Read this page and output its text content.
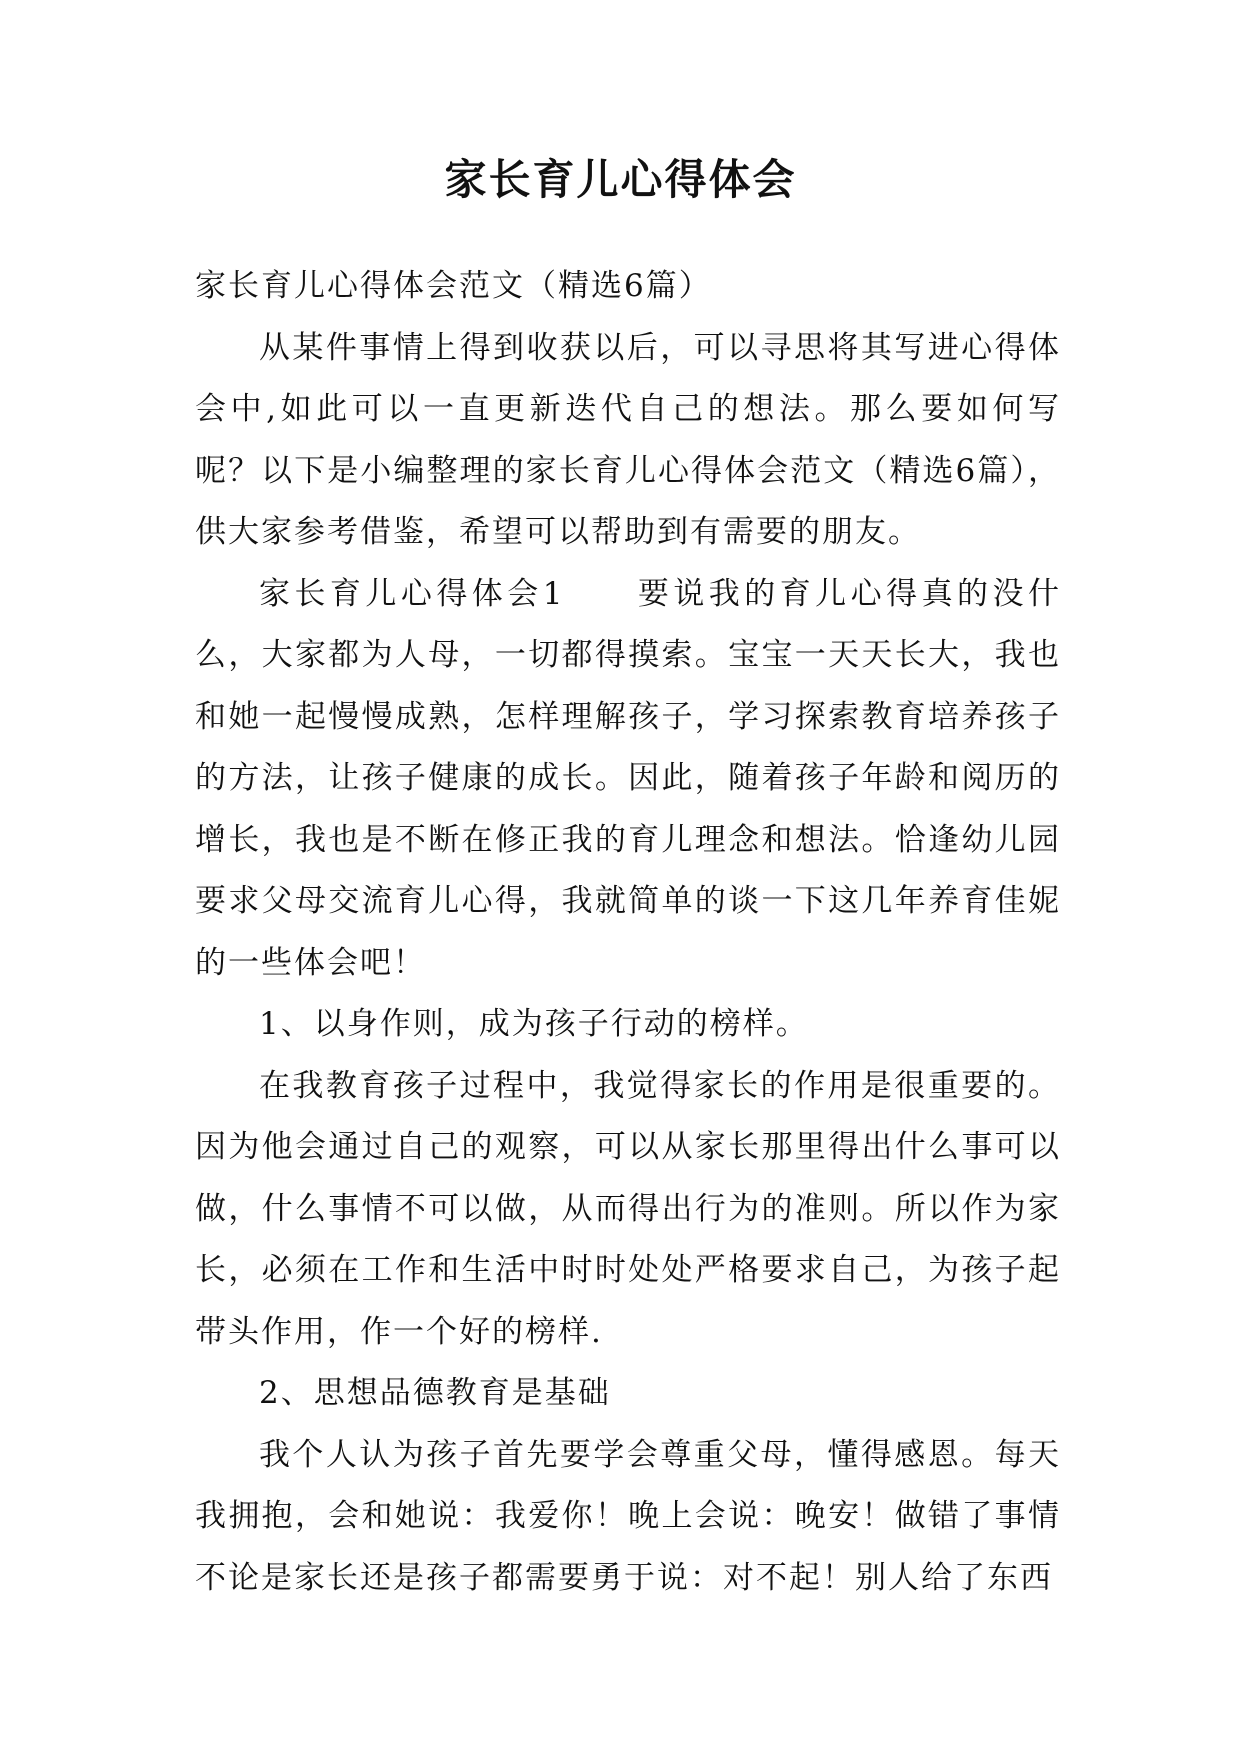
家长育儿心得体会

家长育儿心得体会范文（精选6篇）

从某件事情上得到收获以后，可以寻思将其写进心得体会中,如此可以一直更新迭代自己的想法。那么要如何写呢？以下是小编整理的家长育儿心得体会范文（精选6篇），供大家参考借鉴，希望可以帮助到有需要的朋友。

家长育儿心得体会1　　要说我的育儿心得真的没什么，大家都为人母，一切都得摸索。宝宝一天天长大，我也和她一起慢慢成熟，怎样理解孩子，学习探索教育培养孩子的方法，让孩子健康的成长。因此，随着孩子年龄和阅历的增长，我也是不断在修正我的育儿理念和想法。恰逢幼儿园要求父母交流育儿心得，我就简单的谈一下这几年养育佳妮的一些体会吧！

1、以身作则，成为孩子行动的榜样。

在我教育孩子过程中，我觉得家长的作用是很重要的。因为他会通过自己的观察，可以从家长那里得出什么事可以做，什么事情不可以做，从而得出行为的准则。所以作为家长，必须在工作和生活中时时处处严格要求自己，为孩子起带头作用，作一个好的榜样.

2、思想品德教育是基础

我个人认为孩子首先要学会尊重父母，懂得感恩。每天我拥抱，会和她说：我爱你！晚上会说：晚安！做错了事情不论是家长还是孩子都需要勇于说：对不起！别人给了东西
